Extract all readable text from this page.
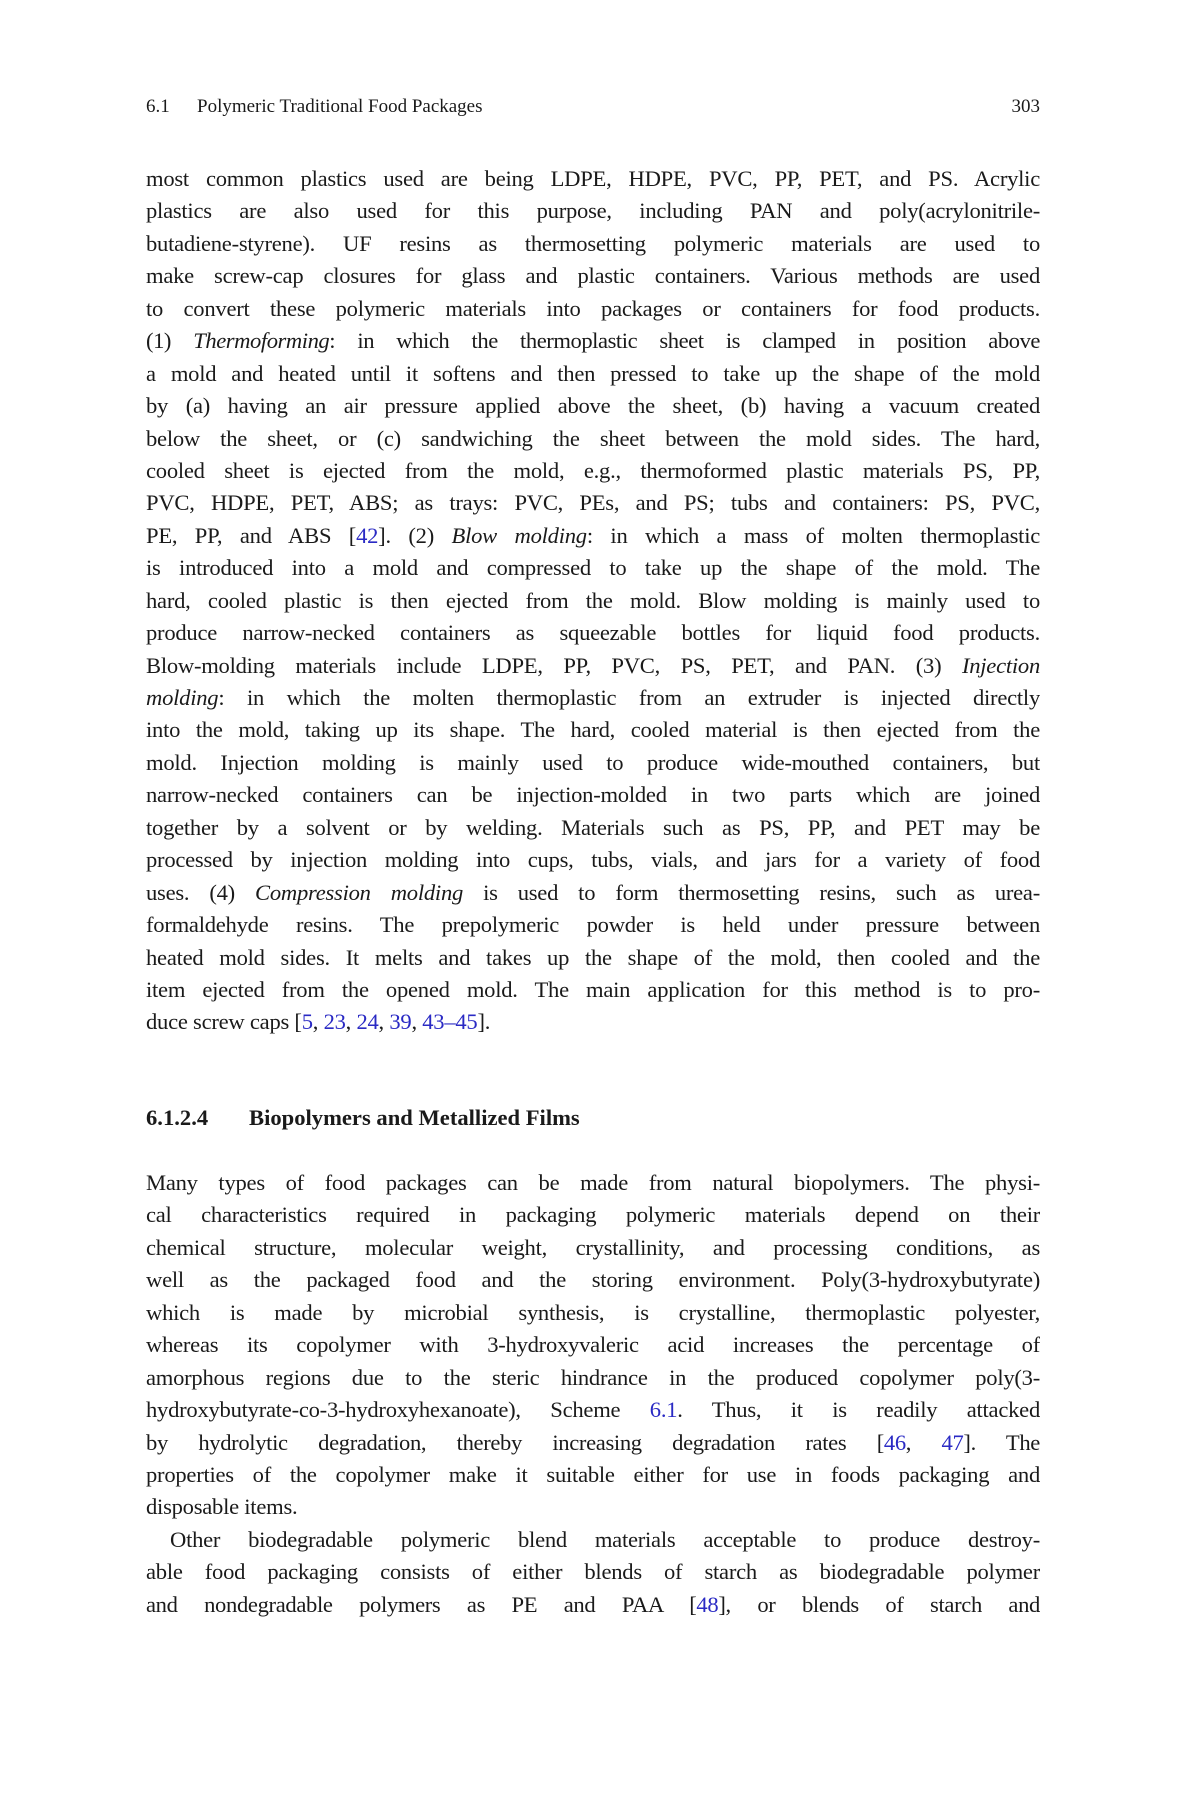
6.1 Polymeric Traditional Food Packages	303
most common plastics used are being LDPE, HDPE, PVC, PP, PET, and PS. Acrylic
plastics are also used for this purpose, including PAN and poly(acrylonitrile-
butadiene-styrene). UF resins as thermosetting polymeric materials are used to
make screw-cap closures for glass and plastic containers. Various methods are used
to convert these polymeric materials into packages or containers for food products.
(1) Thermoforming: in which the thermoplastic sheet is clamped in position above
a mold and heated until it softens and then pressed to take up the shape of the mold
by (a) having an air pressure applied above the sheet, (b) having a vacuum created
below the sheet, or (c) sandwiching the sheet between the mold sides. The hard,
cooled sheet is ejected from the mold, e.g., thermoformed plastic materials PS, PP,
PVC, HDPE, PET, ABS; as trays: PVC, PEs, and PS; tubs and containers: PS, PVC,
PE, PP, and ABS [42]. (2) Blow molding: in which a mass of molten thermoplastic
is introduced into a mold and compressed to take up the shape of the mold. The
hard, cooled plastic is then ejected from the mold. Blow molding is mainly used to
produce narrow-necked containers as squeezable bottles for liquid food products.
Blow-molding materials include LDPE, PP, PVC, PS, PET, and PAN. (3) Injection
molding: in which the molten thermoplastic from an extruder is injected directly
into the mold, taking up its shape. The hard, cooled material is then ejected from the
mold. Injection molding is mainly used to produce wide-mouthed containers, but
narrow-necked containers can be injection-molded in two parts which are joined
together by a solvent or by welding. Materials such as PS, PP, and PET may be
processed by injection molding into cups, tubs, vials, and jars for a variety of food
uses. (4) Compression molding is used to form thermosetting resins, such as urea-
formaldehyde resins. The prepolymeric powder is held under pressure between
heated mold sides. It melts and takes up the shape of the mold, then cooled and the
item ejected from the opened mold. The main application for this method is to pro-
duce screw caps [5, 23, 24, 39, 43–45].
6.1.2.4 Biopolymers and Metallized Films
Many types of food packages can be made from natural biopolymers. The physi-
cal characteristics required in packaging polymeric materials depend on their
chemical structure, molecular weight, crystallinity, and processing conditions, as
well as the packaged food and the storing environment. Poly(3-hydroxybutyrate)
which is made by microbial synthesis, is crystalline, thermoplastic polyester,
whereas its copolymer with 3-hydroxyvaleric acid increases the percentage of
amorphous regions due to the steric hindrance in the produced copolymer poly(3-
hydroxybutyrate-co-3-hydroxyhexanoate), Scheme 6.1. Thus, it is readily attacked
by hydrolytic degradation, thereby increasing degradation rates [46, 47]. The
properties of the copolymer make it suitable either for use in foods packaging and
disposable items.
Other biodegradable polymeric blend materials acceptable to produce destroy-
able food packaging consists of either blends of starch as biodegradable polymer
and nondegradable polymers as PE and PAA [48], or blends of starch and
